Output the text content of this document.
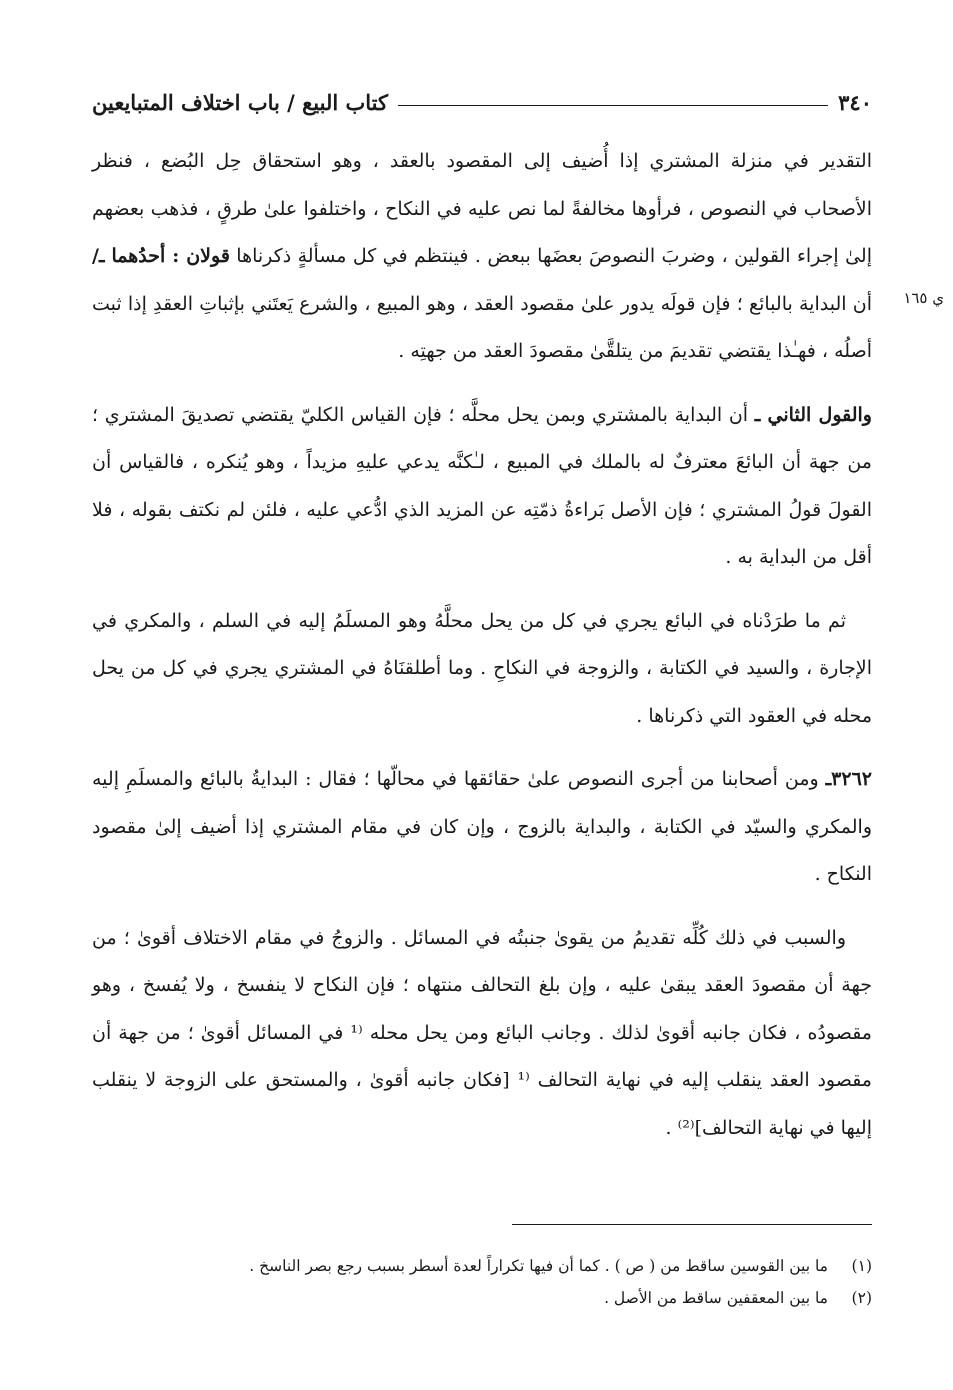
٣٤٠
كتاب البيع / باب اختلاف المتبايعين
ي ١٦٥

التقدير في منزلة المشتري إذا أُضيف إلى المقصود بالعقد ، وهو استحقاق حِل البُضع ، فنظر الأصحاب في النصوص ، فرأوها مخالفةً لما نص عليه في النكاح ، واختلفوا علىٰ طرقٍ ، فذهب بعضهم إلىٰ إجراء القولين ، وضربَ النصوصَ بعضَها ببعض . فينتظم في كل مسألةٍ ذكرناها قولان : أحدُهما ـ/ أن البداية بالبائع ؛ فإن قولَه يدور علىٰ مقصود العقد ، وهو المبيع ، والشرع يَعتَني بإثباتِ العقدِ إذا ثبت أصلُه ، فهـٰذا يقتضي تقديمَ من يتلقَّىٰ مقصودَ العقد من جهتِه .

والقول الثاني ـ أن البداية بالمشتري وبمن يحل محلَّه ؛ فإن القياس الكليّ يقتضي تصديقَ المشتري ؛ من جهة أن البائعَ معترفٌ له بالملك في المبيع ، لـٰكنَّه يدعي عليهِ مزيداً ، وهو يُنكره ، فالقياس أن القولَ قولُ المشتري ؛ فإن الأصل بَراءةُ ذمّتِه عن المزيد الذي ادُّعي عليه ، فلئن لم نكتف بقوله ، فلا أقل من البداية به .

ثم ما طرَدْناه في البائع يجري في كل من يحل محلَّهُ وهو المسلَمُ إليه في السلم ، والمكري في الإجارة ، والسيد في الكتابة ، والزوجة في النكاحِ . وما أطلقنَاهُ في المشتري يجري في كل من يحل محله في العقود التي ذكرناها .

٣٢٦٢ـ ومن أصحابنا من أجرى النصوص علىٰ حقائقها في محالّها ؛ فقال : البدايةُ بالبائع والمسلَمِ إليه والمكري والسيّد في الكتابة ، والبداية بالزوج ، وإن كان في مقام المشتري إذا أضيف إلىٰ مقصود النكاح .

والسبب في ذلك كُلِّه تقديمُ من يقوىٰ جنبتُه في المسائل . والزوجُ في مقام الاختلاف أقوىٰ ؛ من جهة أن مقصودَ العقد يبقىٰ عليه ، وإن بلغ التحالف منتهاه ؛ فإن النكاح لا ينفسخ ، ولا يُفسخ ، وهو مقصودُه ، فكان جانبه أقوىٰ لذلك . وجانب البائع ومن يحل محله ⁽¹ في المسائل أقوىٰ ؛ من جهة أن مقصود العقد ينقلب إليه في نهاية التحالف ⁽¹ [فكان جانبه أقوىٰ ، والمستحق على الزوجة لا ينقلب إليها في نهاية التحالف]⁽²⁾ .

(١)ما بين القوسين ساقط من ( ص ) . كما أن فيها تكراراً لعدة أسطر بسبب رجع بصر الناسخ .

(٢)ما بين المعقفين ساقط من الأصل .
